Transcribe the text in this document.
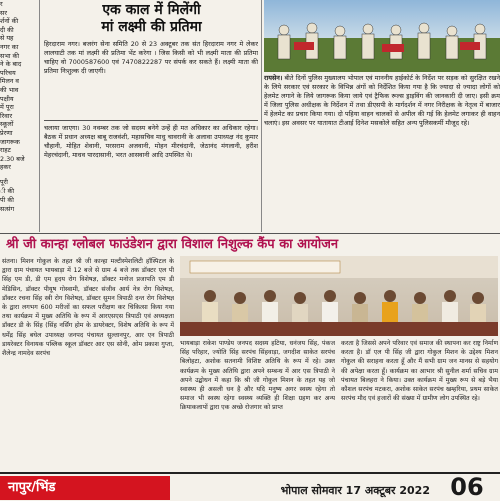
र
सर
र्शनों की
दी की
से यह
नगर का
सभा की
ने के बाद
परिचय
मिलन व
की भाव
पक्षीय
में पूरा
रिवार
स्कूलों
प्रेरणा
जागरूक
राहट
2.30 बजे
हकर
एक काल में मिलेंगी
मां लक्ष्मी की प्रतिमा
हिरदाराम नगर। बजरंग सेना समिति 20 से 23 अक्टूबर तक संत हिरदाराम नगर मे लेकर लालघाटी तक मां लक्ष्मी की प्रतिमा भेंट करेगा । जिस किसी को भी लक्ष्मी माता की प्रतिमा चाहिए वो 7000587600 एवं 7470822287 पर संपर्क कर सकते हैं। लक्ष्मी माता की प्रतिमा निःशुल्क दी जाएगी।
रायसेन। बीते दिनों पुलिस मुख्यालय भोपाल एवं माननीय हाईकोर्ट के निर्देश पर सड़क को सुरक्षित रखने के लिये सरकार एवं सरकार के विभिन्न अंगों को निर्देशित किया गया है कि ज्यादा से ज्यादा लोगों को हेलमेट लगाने के लिये जागरूक किया जाये एवं ट्रैफिक रूल्स ड्राइविंग की जानकारी दी जाए। इसी क्रम में जिला पुलिस अधीक्षक के निर्देशन में तथा डीएसपी के मार्गदर्शन में नगर निरीक्षक के नेतृत्व में बाजार में हेलमेट का प्रचार किया गया। दो पहिया वाहन चालकों से अपील की गई कि हेलमेट लगाकर ही वाहन चलाएं। इस अवसर पर यातायात टीआई दिनेश मसकोले सहित अन्य पुलिसकर्मी मौजूद रहे।
पूरी
ी की
पी की
सत्संग
चलाया जाएगा। 30 नवम्बर तक जो सदस्य बनेगे उन्हें ही मत अधिकार का अधिकार रहेगा। बैठक में प्रधान अध्यक्ष बाबू राजवंशी, महासचिव माधु चावरानी के अलावा उपाध्यक्ष नंद कुमार चौहानी, मोहित शेवानी, परसराम अजवानी, मोहन मीरचंदानी, जेठानंद मंगलानी, हरीश मेहरचंदानी, माधव पारदासानी, भरत आसवानी आदि उपस्थित थे।
श्री जी कान्हा ग्लोबल फाउंडेशन द्वारा विशाल निशुल्क कैंप का आयोजन
संतना। मिशन गोकुल के तहत श्री जी कान्हा मल्टीस्पेशलिटी हॉस्पिटल के द्वारा ग्राम पंचायत भायबाड़ा में 12 बजे से ग्राम 4 बजे तक डॉक्टर एल पी सिंह एम डी, डी एम हृदय रोग विशेषज्ञ, डॉक्टर मनोज प्रजापति एम डी मेडिसिन, डॉक्टर पीयूष गोस्वामी, डॉक्टर संजीव आर्य नेत्र रोग विशेषज्ञ, डॉक्टर रचना सिंह स्त्री रोग विशेषज्ञ, डॉक्टर सुमन त्रिपाठी दन्त रोग विशेषज्ञ के द्वारा लगभग 600 मरीजों का सफल परीक्षण कर चिकित्सा किया गया तथा कार्यक्रम में मुख्य अतिथि के रूप में आरएसएस त्रिपाठी एवं अध्यक्षता डॉक्टर डी के सिंह (सिंह नर्सिंग होम के डायरेक्टर, विशेष अतिथि के रूप में धर्मेंद्र सिंह बघेल उपाध्यक्ष जनपद पंचायत सुल्तानपुर, आर एन त्रिपाठी डायरेक्टर विनायक पब्लिक स्कूल डॉक्टर आर एस सोनी, ओम प्रकाश गुप्ता, शैलेन्द्र नामदेव सरपंच
भायबाड़ा राकेश पाण्डेय जनपद सदस्य हटिया, धनंजय सिंह, पंकज सिंह परिहार, ज्योति सिंह सरपंच सिंहवाड़ा, जगदीश साकेत सरपंच बिलोहटा, अशोक सतनामी विशिष्ट अतिथि के रूप में रहे। उक्त कार्यक्रम के मुख्य अतिथि द्वारा अपने सम्बन्ध में आर एस त्रिपाठी ने अपने उद्बोधन में कहा कि श्री जी गोकुल मिशन के तहत यह जो स्वास्थ्य ही असली धन है और यदि मनुष्य अगर स्वस्थ रहेगा तो समाज भी स्वस्थ रहेगा स्वस्थ्य व्यक्ति ही शिक्षा ग्रहण कर अन्य क्रियाकलापों द्वारा एक अच्छे रोजगार को प्राप्त
करता है जिससे अपने परिवार एवं समाज की स्थापना कर राष्ट्र निर्माण करता है। डॉ एल पी सिंह जी द्वारा गोकुल मिशन के उद्देश्य मिशन गोकुल की सराहना करता हूँ और मैं सभी ग्राम जन मानस से सहयोग की अपेक्षा करता हूँ। कार्यक्रम का आभार श्री सुनील शर्मा सचिव ग्राम पंचायत बिलहरा ने किया। उक्त कार्यक्रम में मुख्य रूप से बड़े भैया कौशल सरपंच मटकरा, अशोक साकेत सरपंच खम्हरिया, प्रथम साकेत सरपंच मौद एवं हजारों की संख्या में ग्रामीण लोग उपस्थित रहे।
नापुर/भिंड	भोपाल सोमवार 17 अक्टूबर 2022 06
